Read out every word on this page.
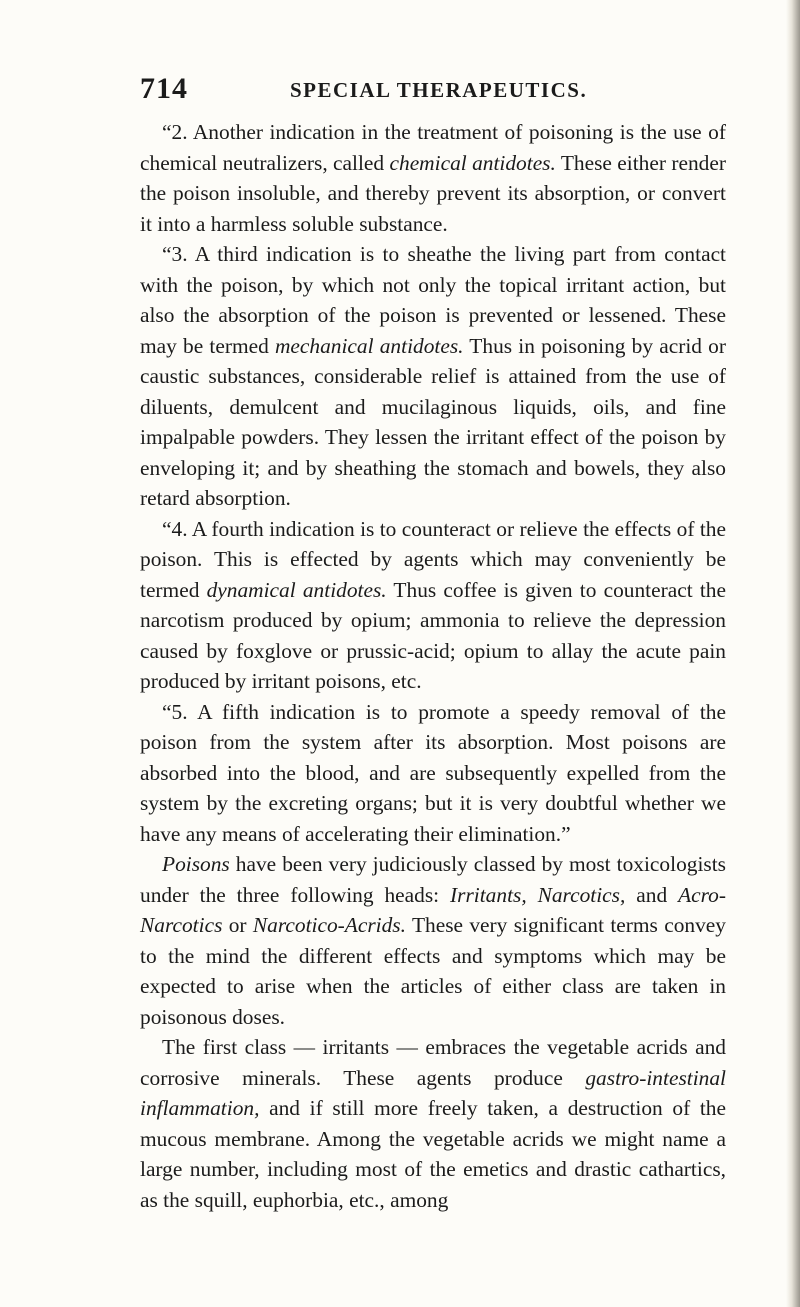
714	SPECIAL THERAPEUTICS.

“2. Another indication in the treatment of poisoning is the use of chemical neutralizers, called chemical antidotes. These either render the poison insoluble, and thereby prevent its absorption, or convert it into a harmless soluble substance.

“3. A third indication is to sheathe the living part from contact with the poison, by which not only the topical irritant action, but also the absorption of the poison is prevented or lessened. These may be termed mechanical antidotes. Thus in poisoning by acrid or caustic substances, considerable relief is attained from the use of diluents, demulcent and mucilaginous liquids, oils, and fine impalpable powders. They lessen the irritant effect of the poison by enveloping it; and by sheathing the stomach and bowels, they also retard absorption.

“4. A fourth indication is to counteract or relieve the effects of the poison. This is effected by agents which may conveniently be termed dynamical antidotes. Thus coffee is given to counteract the narcotism produced by opium; ammonia to relieve the depression caused by foxglove or prussic-acid; opium to allay the acute pain produced by irritant poisons, etc.

“5. A fifth indication is to promote a speedy removal of the poison from the system after its absorption. Most poisons are absorbed into the blood, and are subsequently expelled from the system by the excreting organs; but it is very doubtful whether we have any means of accelerating their elimination.”

Poisons have been very judiciously classed by most toxicologists under the three following heads: Irritants, Narcotics, and Acro-Narcotics or Narcotico-Acrids. These very significant terms convey to the mind the different effects and symptoms which may be expected to arise when the articles of either class are taken in poisonous doses.

The first class — irritants — embraces the vegetable acrids and corrosive minerals. These agents produce gastro-intestinal inflammation, and if still more freely taken, a destruction of the mucous membrane. Among the vegetable acrids we might name a large number, including most of the emetics and drastic cathartics, as the squill, euphorbia, etc., among
